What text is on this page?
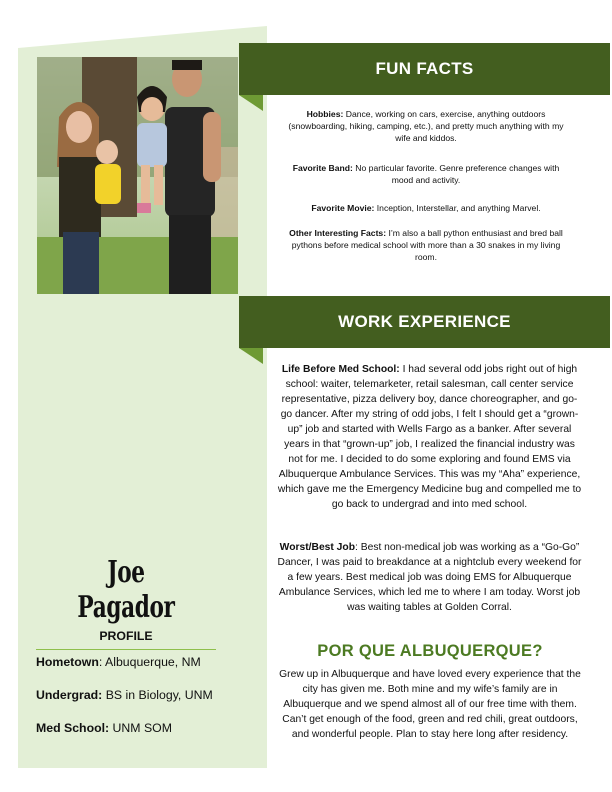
FUN FACTS

Hobbies: Dance, working on cars, exercise, anything outdoors (snowboarding, hiking, camping, etc.), and pretty much anything with my wife and kiddos.

Favorite Band: No particular favorite. Genre preference changes with mood and activity.

Favorite Movie: Inception, Interstellar, and anything Marvel.

Other Interesting Facts: I’m also a ball python enthusiast and bred ball pythons before medical school with more than a 30 snakes in my living room.

WORK EXPERIENCE

Life Before Med School: I had several odd jobs right out of high school: waiter, telemarketer, retail salesman, call center service representative, pizza delivery boy, dance choreographer, and go-go dancer. After my string of odd jobs, I felt I should get a “grown-up” job and started with Wells Fargo as a banker. After several years in that “grown-up” job, I realized the financial industry was not for me. I decided to do some exploring and found EMS via Albuquerque Ambulance Services. This was my “Aha” experience, which gave me the Emergency Medicine bug and compelled me to go back to undergrad and into med school.

Worst/Best Job: Best non-medical job was working as a “Go-Go” Dancer, I was paid to breakdance at a nightclub every weekend for a few years. Best medical job was doing EMS for Albuquerque Ambulance Services, which led me to where I am today. Worst job was waiting tables at Golden Corral.

POR QUE ALBUQUERQUE?

Grew up in Albuquerque and have loved every experience that the city has given me. Both mine and my wife’s family are in Albuquerque and we spend almost all of our free time with them. Can’t get enough of the food, green and red chili, great outdoors, and wonderful people. Plan to stay here long after residency.

Joe Pagador

PROFILE

Hometown: Albuquerque, NM

Undergrad: BS in Biology, UNM

Med School: UNM SOM
